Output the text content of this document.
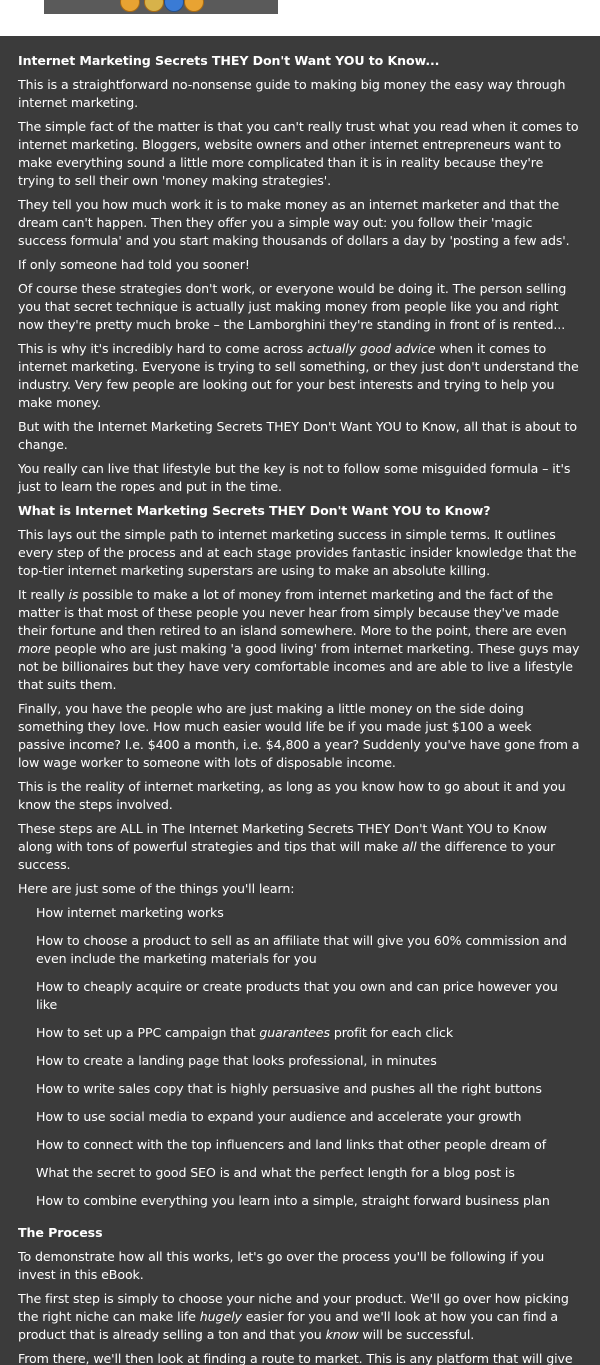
Internet Marketing Secrets THEY Don't Want YOU to Know...

This is a straightforward no-nonsense guide to making big money the easy way through internet marketing.

The simple fact of the matter is that you can't really trust what you read when it comes to internet marketing. Bloggers, website owners and other internet entrepreneurs want to make everything sound a little more complicated than it is in reality because they're trying to sell their own 'money making strategies'.

They tell you how much work it is to make money as an internet marketer and that the dream can't happen. Then they offer you a simple way out: you follow their 'magic success formula' and you start making thousands of dollars a day by 'posting a few ads'.

If only someone had told you sooner!

Of course these strategies don't work, or everyone would be doing it. The person selling you that secret technique is actually just making money from people like you and right now they're pretty much broke – the Lamborghini they're standing in front of is rented...

This is why it's incredibly hard to come across actually good advice when it comes to internet marketing. Everyone is trying to sell something, or they just don't understand the industry. Very few people are looking out for your best interests and trying to help you make money.

But with the Internet Marketing Secrets THEY Don't Want YOU to Know, all that is about to change.

You really can live that lifestyle but the key is not to follow some misguided formula – it's just to learn the ropes and put in the time.

What is Internet Marketing Secrets THEY Don't Want YOU to Know?

This lays out the simple path to internet marketing success in simple terms. It outlines every step of the process and at each stage provides fantastic insider knowledge that the top-tier internet marketing superstars are using to make an absolute killing.

It really is possible to make a lot of money from internet marketing and the fact of the matter is that most of these people you never hear from simply because they've made their fortune and then retired to an island somewhere. More to the point, there are even more people who are just making 'a good living' from internet marketing. These guys may not be billionaires but they have very comfortable incomes and are able to live a lifestyle that suits them.

Finally, you have the people who are just making a little money on the side doing something they love. How much easier would life be if you made just $100 a week passive income? I.e. $400 a month, i.e. $4,800 a year? Suddenly you've have gone from a low wage worker to someone with lots of disposable income.

This is the reality of internet marketing, as long as you know how to go about it and you know the steps involved.

These steps are ALL in The Internet Marketing Secrets THEY Don't Want YOU to Know along with tons of powerful strategies and tips that will make all the difference to your success.

Here are just some of the things you'll learn:

How internet marketing works
How to choose a product to sell as an affiliate that will give you 60% commission and even include the marketing materials for you
How to cheaply acquire or create products that you own and can price however you like
How to set up a PPC campaign that guarantees profit for each click
How to create a landing page that looks professional, in minutes
How to write sales copy that is highly persuasive and pushes all the right buttons
How to use social media to expand your audience and accelerate your growth
How to connect with the top influencers and land links that other people dream of
What the secret to good SEO is and what the perfect length for a blog post is
How to combine everything you learn into a simple, straight forward business plan
The Process

To demonstrate how all this works, let's go over the process you'll be following if you invest in this eBook.

The first step is simply to choose your niche and your product. We'll go over how picking the right niche can make life hugely easier for you and we'll look at how you can find a product that is already selling a ton and that you know will be successful.

From there, we'll then look at finding a route to market. This is any platform that will give
